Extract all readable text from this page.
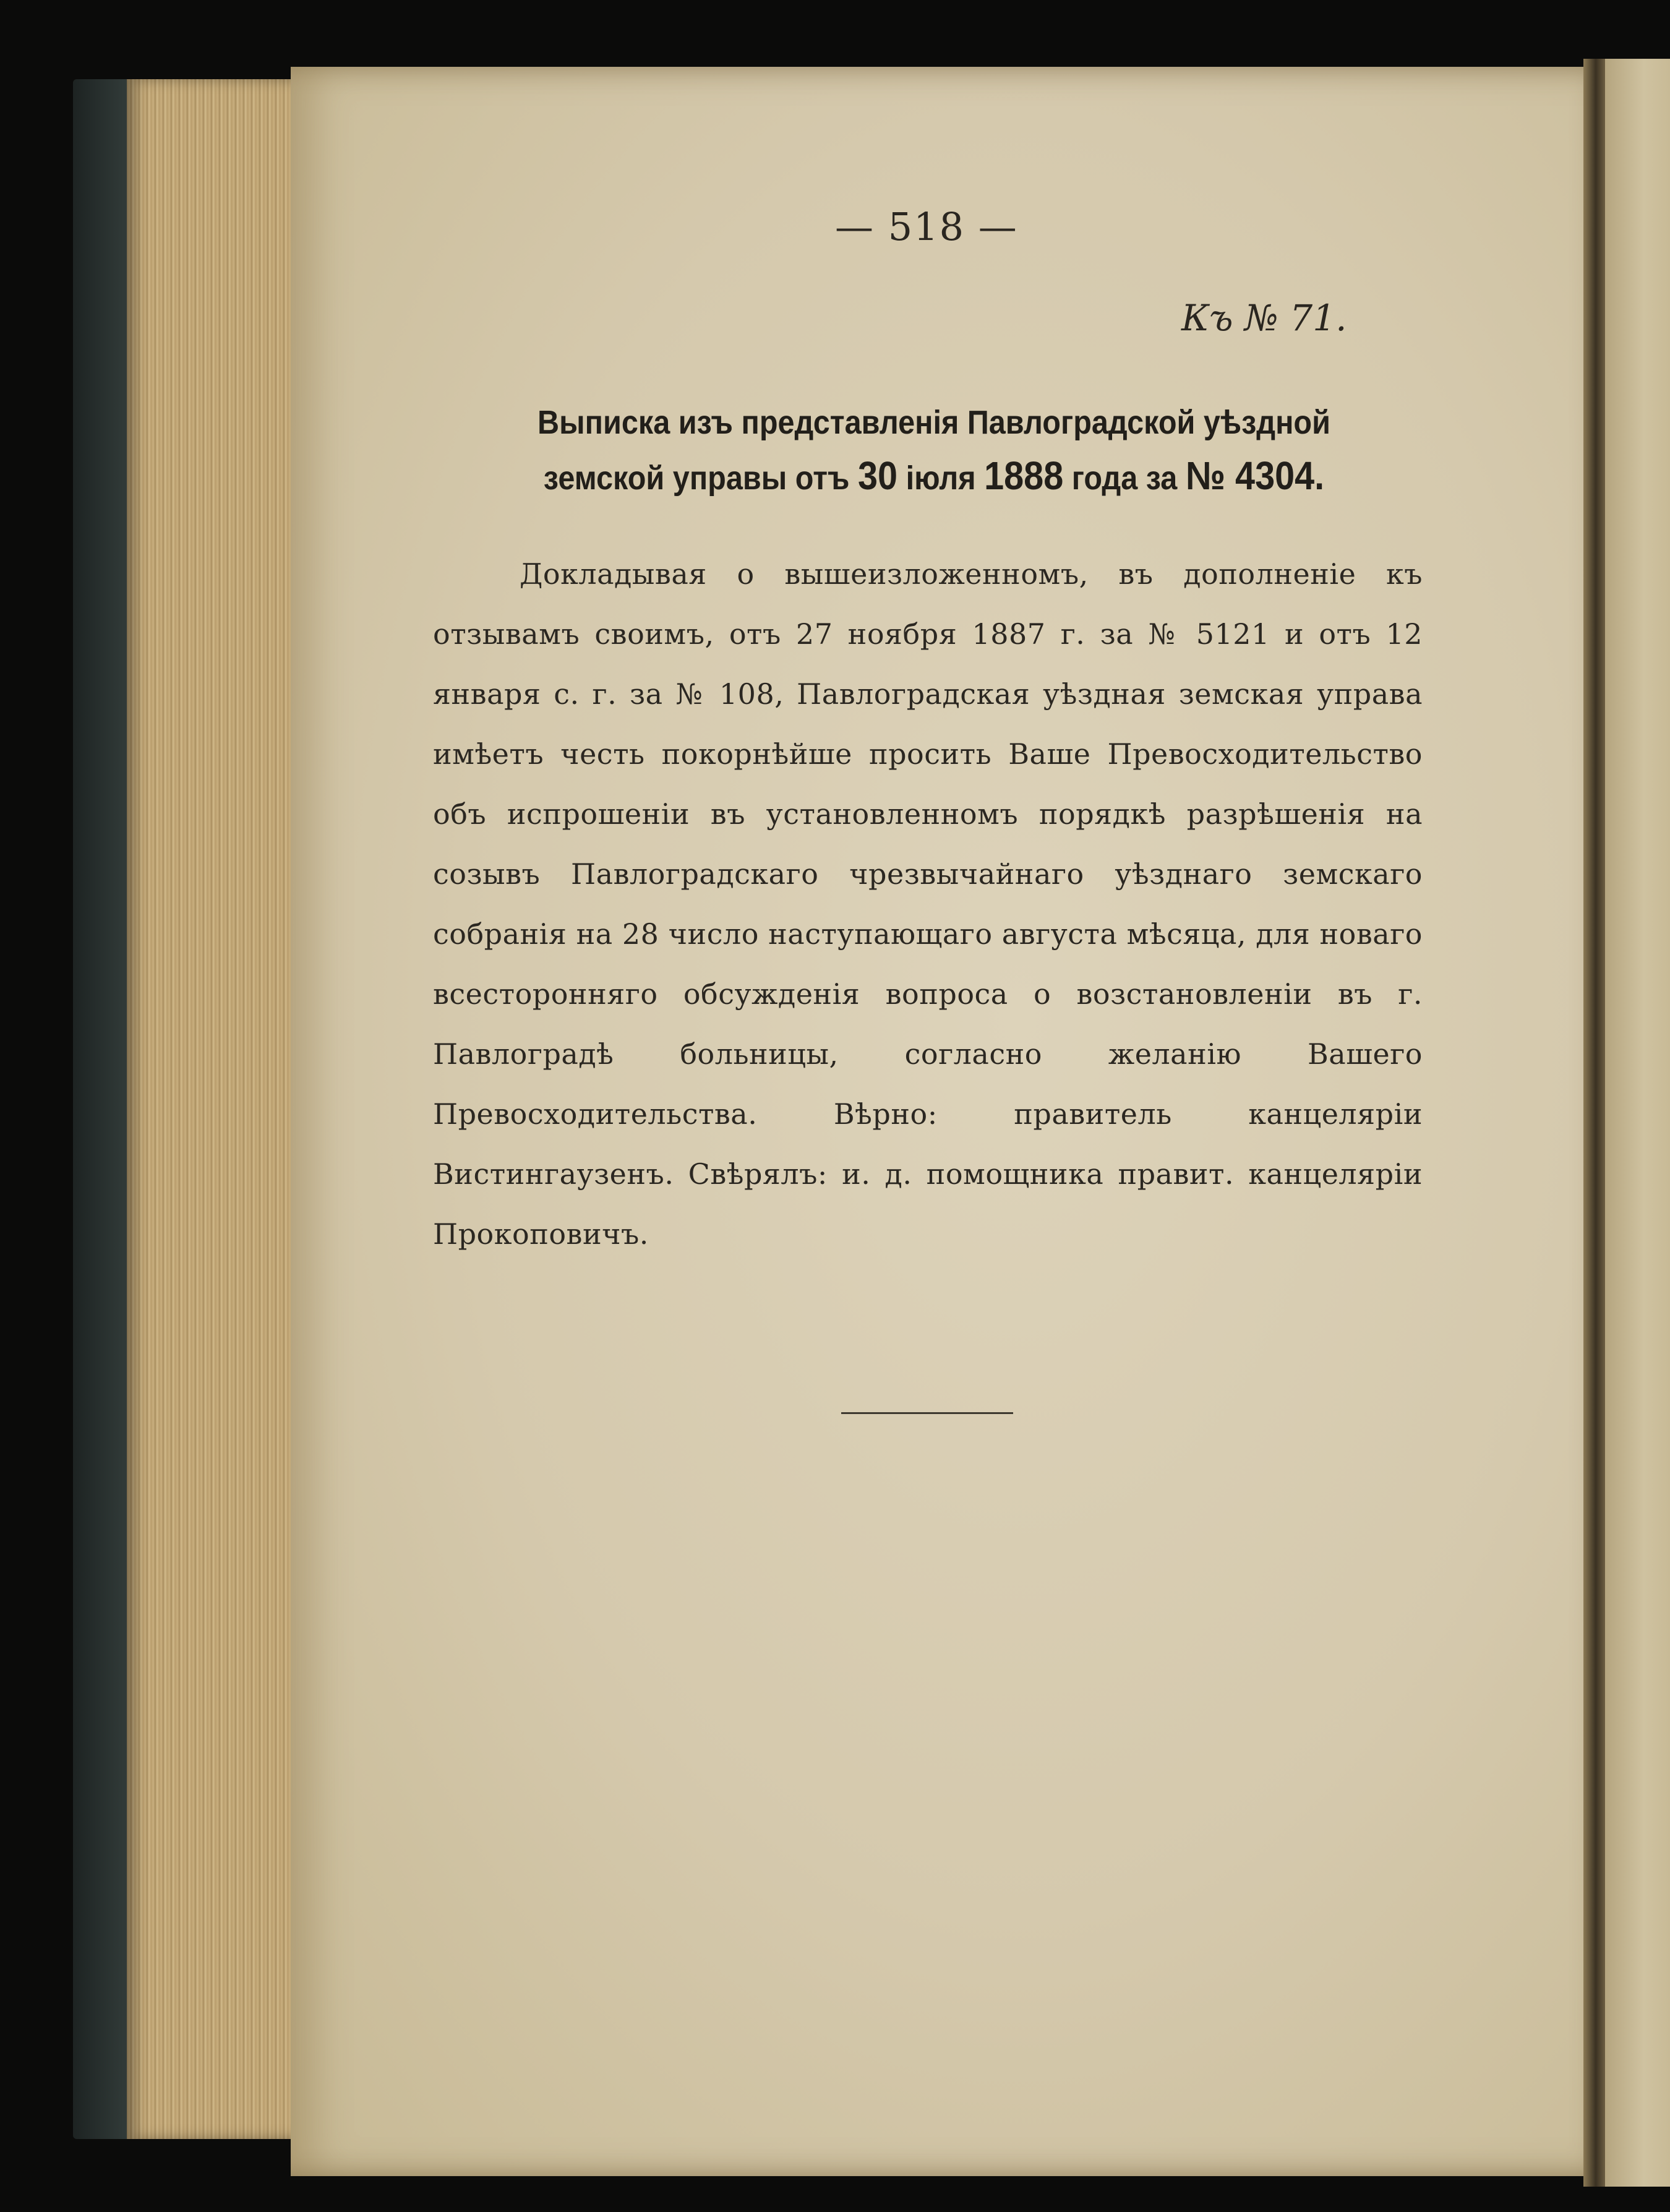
— 518 —
Къ № 71.
Выписка изъ представленія Павлоградской уѣздной земской управы отъ 30 іюля 1888 года за № 4304.
Докладывая о вышеизложенномъ, въ дополненіе къ отзывамъ своимъ, отъ 27 ноября 1887 г. за № 5121 и отъ 12 января с. г. за № 108, Павлоградская уѣздная земская управа имѣетъ честь покорнѣйше просить Ваше Превосходительство объ испрошеніи въ установленномъ порядкѣ разрѣшенія на созывъ Павлоградскаго чрезвычайнаго уѣзднаго земскаго собранія на 28 число наступающаго августа мѣсяца, для новаго всесторонняго обсужденія вопроса о возстановленіи въ г. Павлоградѣ больницы, согласно желанію Вашего Превосходительства. Вѣрно: правитель канцеляріи Вистингаузенъ. Свѣрялъ: и. д. помощника правит. канцеляріи Прокоповичъ.
